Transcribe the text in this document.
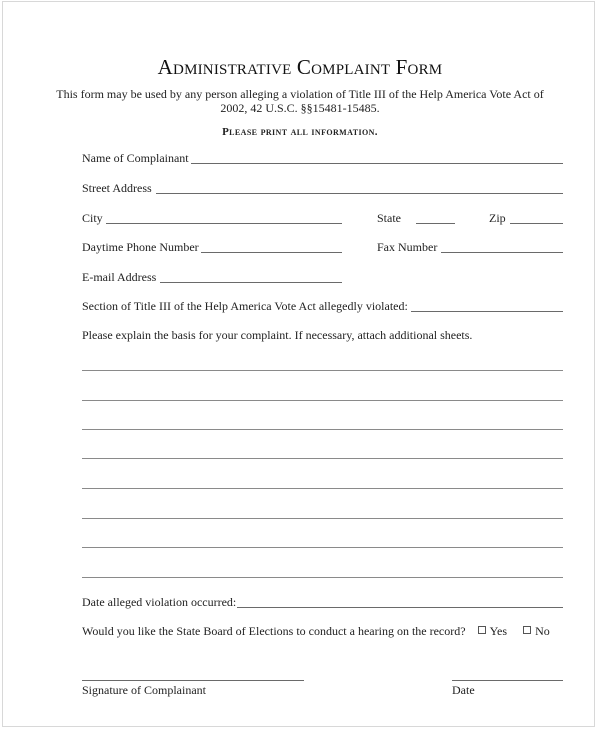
Administrative Complaint Form
This form may be used by any person alleging a violation of Title III of the Help America Vote Act of
2002, 42 U.S.C. §§15481-15485.
Please print all information.
Name of Complainant
Street Address
City	State	Zip
Daytime Phone Number	Fax Number
E-mail Address
Section of Title III of the Help America Vote Act allegedly violated:
Please explain the basis for your complaint. If necessary, attach additional sheets.
Date alleged violation occurred:
Would you like the State Board of Elections to conduct a hearing on the record? Yes No
Signature of Complainant	Date
